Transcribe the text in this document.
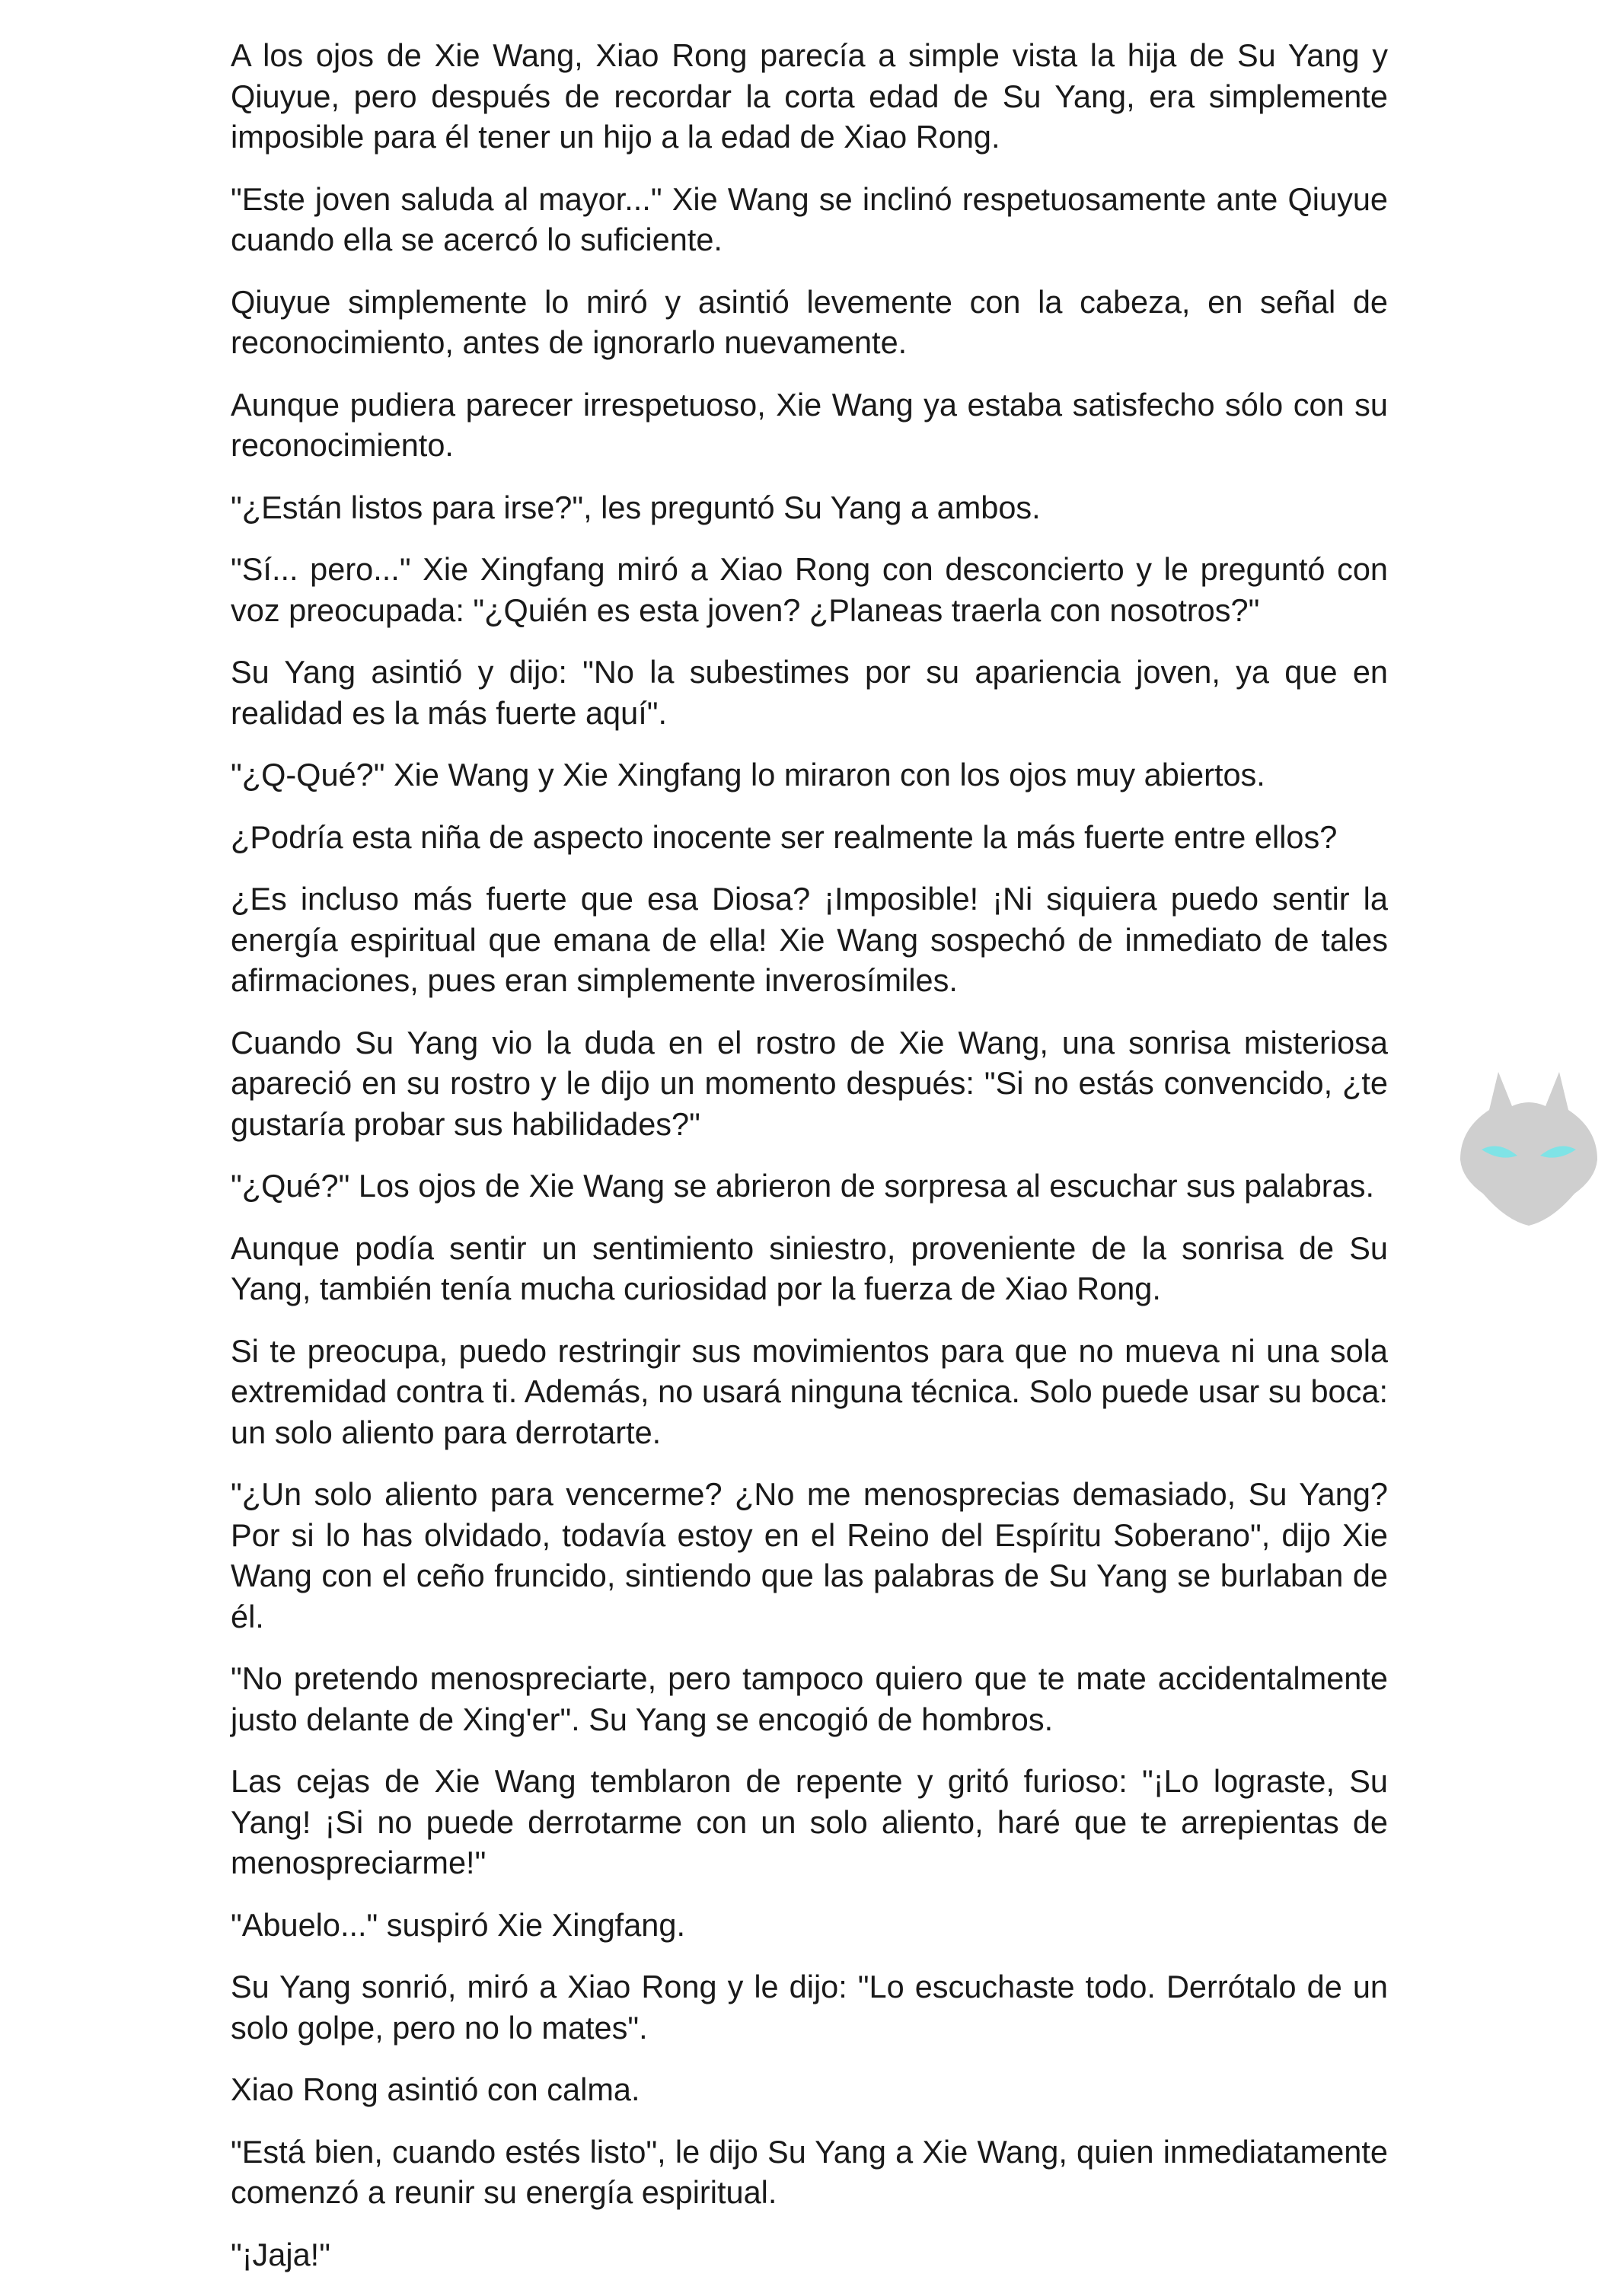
A los ojos de Xie Wang, Xiao Rong parecía a simple vista la hija de Su Yang y Qiuyue, pero después de recordar la corta edad de Su Yang, era simplemente imposible para él tener un hijo a la edad de Xiao Rong.

"Este joven saluda al mayor..." Xie Wang se inclinó respetuosamente ante Qiuyue cuando ella se acercó lo suficiente.

Qiuyue simplemente lo miró y asintió levemente con la cabeza, en señal de reconocimiento, antes de ignorarlo nuevamente.

Aunque pudiera parecer irrespetuoso, Xie Wang ya estaba satisfecho sólo con su reconocimiento.

"¿Están listos para irse?", les preguntó Su Yang a ambos.

"Sí... pero..." Xie Xingfang miró a Xiao Rong con desconcierto y le preguntó con voz preocupada: "¿Quién es esta joven? ¿Planeas traerla con nosotros?"

Su Yang asintió y dijo: "No la subestimes por su apariencia joven, ya que en realidad es la más fuerte aquí".

"¿Q-Qué?" Xie Wang y Xie Xingfang lo miraron con los ojos muy abiertos.

¿Podría esta niña de aspecto inocente ser realmente la más fuerte entre ellos?

¿Es incluso más fuerte que esa Diosa? ¡Imposible! ¡Ni siquiera puedo sentir la energía espiritual que emana de ella! Xie Wang sospechó de inmediato de tales afirmaciones, pues eran simplemente inverosímiles.

Cuando Su Yang vio la duda en el rostro de Xie Wang, una sonrisa misteriosa apareció en su rostro y le dijo un momento después: "Si no estás convencido, ¿te gustaría probar sus habilidades?"

"¿Qué?" Los ojos de Xie Wang se abrieron de sorpresa al escuchar sus palabras.

Aunque podía sentir un sentimiento siniestro, proveniente de la sonrisa de Su Yang, también tenía mucha curiosidad por la fuerza de Xiao Rong.

Si te preocupa, puedo restringir sus movimientos para que no mueva ni una sola extremidad contra ti. Además, no usará ninguna técnica. Solo puede usar su boca: un solo aliento para derrotarte.

"¿Un solo aliento para vencerme? ¿No me menosprecias demasiado, Su Yang? Por si lo has olvidado, todavía estoy en el Reino del Espíritu Soberano", dijo Xie Wang con el ceño fruncido, sintiendo que las palabras de Su Yang se burlaban de él.

"No pretendo menospreciarte, pero tampoco quiero que te mate accidentalmente justo delante de Xing'er". Su Yang se encogió de hombros.

Las cejas de Xie Wang temblaron de repente y gritó furioso: "¡Lo lograste, Su Yang! ¡Si no puede derrotarme con un solo aliento, haré que te arrepientas de menospreciarme!"

"Abuelo..." suspiró Xie Xingfang.

Su Yang sonrió, miró a Xiao Rong y le dijo: "Lo escuchaste todo. Derrótalo de un solo golpe, pero no lo mates".

Xiao Rong asintió con calma.

"Está bien, cuando estés listo", le dijo Su Yang a Xie Wang, quien inmediatamente comenzó a reunir su energía espiritual.

"¡Jaja!"
